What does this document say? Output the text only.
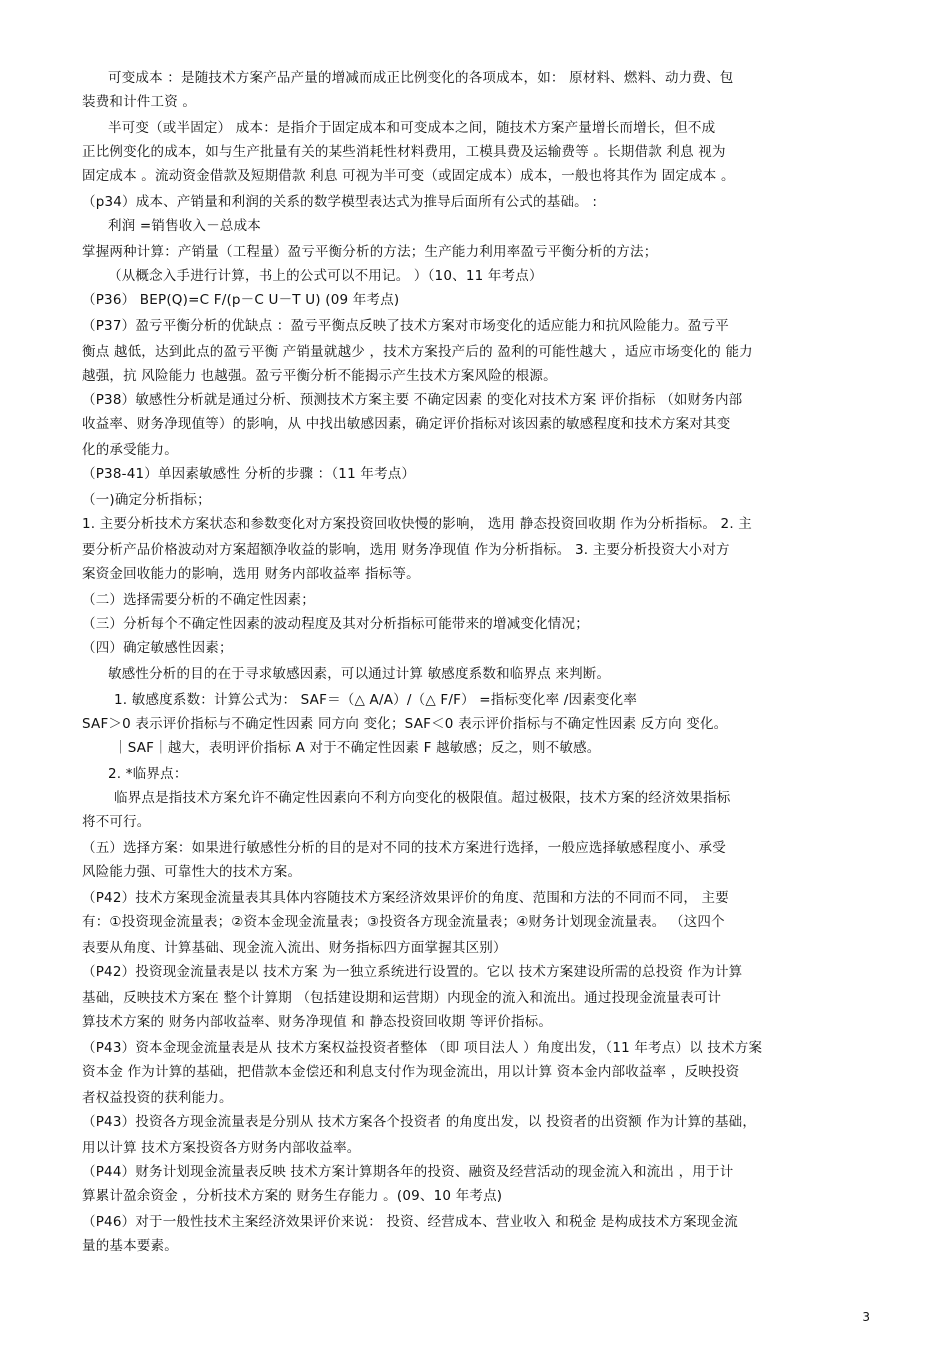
可变成本 ：是随技术方案产品产量的增减而成正比例变化的各项成本，如： 原材料、燃料、动力费、包
装费和计件工资 。
半可变（或半固定） 成本：是指介于固定成本和可变成本之间，随技术方案产量增长而增长，但不成
正比例变化的成本，如与生产批量有关的某些消耗性材料费用，工模具费及运输费等 。长期借款 利息 视为
固定成本 。流动资金借款及短期借款 利息 可视为半可变（或固定成本）成本，一般也将其作为 固定成本 。
（p34）成本、产销量和利润的关系的数学模型表达式为推导后面所有公式的基础。 :
利润 =销售收入－总成本
掌握两种计算：产销量（工程量）盈亏平衡分析的方法；生产能力利用率盈亏平衡分析的方法；
（从概念入手进行计算，书上的公式可以不用记。 ）（10、11 年考点）
（P36） BEP(Q)=C F/(p－C U－T U) (09 年考点)
（P37）盈亏平衡分析的优缺点 ：盈亏平衡点反映了技术方案对市场变化的适应能力和抗风险能力。盈亏平
衡点 越低，达到此点的盈亏平衡 产销量就越少 ，技术方案投产后的 盈利的可能性越大 ，适应市场变化的 能力
越强，抗 风险能力 也越强。盈亏平衡分析不能揭示产生技术方案风险的根源。
（P38）敏感性分析就是通过分析、预测技术方案主要 不确定因素 的变化对技术方案 评价指标 （如财务内部
收益率、财务净现值等）的影响，从 中找出敏感因素，确定评价指标对该因素的敏感程度和技术方案对其变
化的承受能力。
（P38-41）单因素敏感性 分析的步骤 ：（11 年考点）
（一)确定分析指标；
1. 主要分析技术方案状态和参数变化对方案投资回收快慢的影响， 选用 静态投资回收期 作为分析指标。 2. 主
要分析产品价格波动对方案超额净收益的影响，选用 财务净现值 作为分析指标。 3. 主要分析投资大小对方
案资金回收能力的影响，选用 财务内部收益率 指标等。
（二）选择需要分析的不确定性因素；
（三）分析每个不确定性因素的波动程度及其对分析指标可能带来的增减变化情况；
（四）确定敏感性因素；
敏感性分析的目的在于寻求敏感因素，可以通过计算 敏感度系数和临界点 来判断。
1. 敏感度系数：计算公式为： SAF＝（△ A/A）/（△ F/F） =指标变化率 /因素变化率
SAF＞0 表示评价指标与不确定性因素 同方向 变化；SAF＜0 表示评价指标与不确定性因素 反方向 变化。
｜SAF｜越大，表明评价指标 A 对于不确定性因素 F 越敏感；反之，则不敏感。
2. *临界点：
临界点是指技术方案允许不确定性因素向不利方向变化的极限值。超过极限，技术方案的经济效果指标
将不可行。
（五）选择方案：如果进行敏感性分析的目的是对不同的技术方案进行选择，一般应选择敏感程度小、承受
风险能力强、可靠性大的技术方案。
（P42）技术方案现金流量表其具体内容随技术方案经济效果评价的角度、范围和方法的不同而不同， 主要
有：①投资现金流量表；②资本金现金流量表；③投资各方现金流量表；④财务计划现金流量表。 （这四个
表要从角度、计算基础、现金流入流出、财务指标四方面掌握其区别）
（P42）投资现金流量表是以 技术方案 为一独立系统进行设置的。它以 技术方案建设所需的总投资 作为计算
基础，反映技术方案在 整个计算期 （包括建设期和运营期）内现金的流入和流出。通过投现金流量表可计
算技术方案的 财务内部收益率、财务净现值 和 静态投资回收期 等评价指标。
（P43）资本金现金流量表是从 技术方案权益投资者整体 （即 项目法人 ）角度出发，（11 年考点）以 技术方案
资本金 作为计算的基础，把借款本金偿还和利息支付作为现金流出，用以计算 资本金内部收益率 ，反映投资
者权益投资的获利能力。
（P43）投资各方现金流量表是分别从 技术方案各个投资者 的角度出发，以 投资者的出资额 作为计算的基础，
用以计算 技术方案投资各方财务内部收益率。
（P44）财务计划现金流量表反映 技术方案计算期各年的投资、融资及经营活动的现金流入和流出 ，用于计
算累计盈余资金 ，分析技术方案的 财务生存能力 。(09、10 年考点)
（P46）对于一般性技术主案经济效果评价来说： 投资、经营成本、营业收入 和税金 是构成技术方案现金流
量的基本要素。
3
